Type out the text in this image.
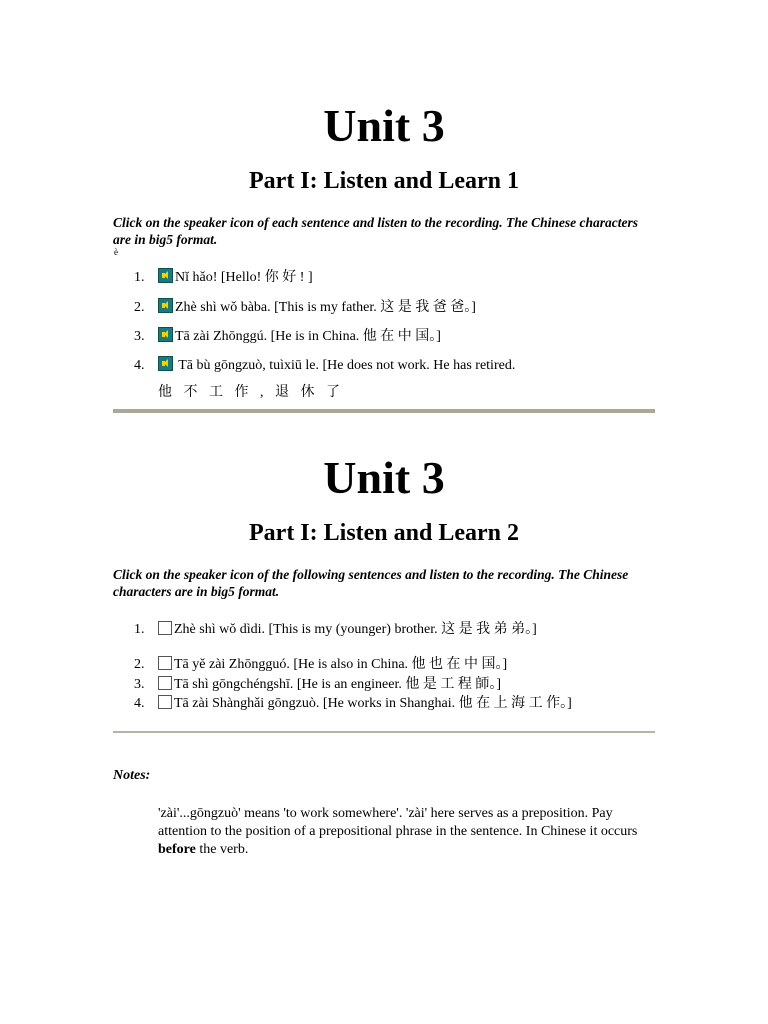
Unit 3
Part I: Listen and Learn 1

Click on the speaker icon of each sentence and listen to the recording. The Chinese characters are in big5 format.

ѐ
1. Nǐ hǎo! [Hello! 你 好 ! ]
2. Zhè shì wǒ bàba. [This is my father. 这 是 我 爸 爸。]
3. Tā zài Zhōnggú. [He is in China. 他 在 中 国。]
4. Tā bù gōngzuò, tuìxiū le. [He does not work. He has retired.
他 不 工 作 , 退 休 了
Unit 3
Part I: Listen and Learn 2

Click on the speaker icon of the following sentences and listen to the recording. The Chinese characters are in big5 format.

1. Zhè shì wǒ dìdi. [This is my (younger) brother. 这 是 我 弟 弟。]
2. Tā yě zài Zhōngguó. [He is also in China. 他 也 在 中 国。]
3. Tā shì gōngchéngshī. [He is an engineer. 他 是 工 程 師。]
4. Tā zài Shànghǎi gōngzuò. [He works in Shanghai. 他 在 上 海 工 作。]
Notes:

'zài'...gōngzuò' means 'to work somewhere'. 'zài' here serves as a preposition. Pay attention to the position of a prepositional phrase in the sentence. In Chinese it occurs before the verb.
